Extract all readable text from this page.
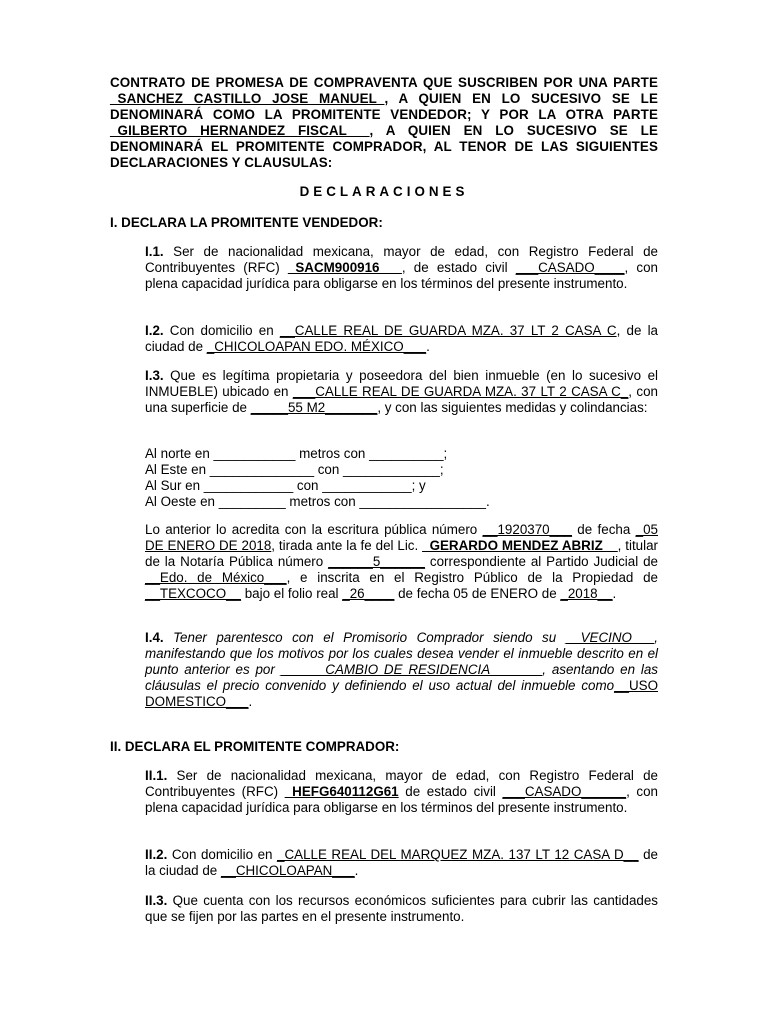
CONTRATO DE PROMESA DE COMPRAVENTA QUE SUSCRIBEN POR UNA PARTE _SANCHEZ CASTILLO JOSE MANUEL_, A QUIEN EN LO SUCESIVO SE LE DENOMINARÁ COMO LA PROMITENTE VENDEDOR; Y POR LA OTRA PARTE _GILBERTO HERNANDEZ FISCAL___, A QUIEN EN LO SUCESIVO SE LE DENOMINARÁ EL PROMITENTE COMPRADOR, AL TENOR DE LAS SIGUIENTES DECLARACIONES Y CLAUSULAS:

DECLARACIONES

I. DECLARA LA PROMITENTE VENDEDOR:

I.1. Ser de nacionalidad mexicana, mayor de edad, con Registro Federal de Contribuyentes (RFC) _SACM900916___, de estado civil ___CASADO____, con plena capacidad jurídica para obligarse en los términos del presente instrumento.

I.2. Con domicilio en __CALLE REAL DE GUARDA MZA. 37 LT 2 CASA C, de la ciudad de _CHICOLOAPAN EDO. MÉXICO___.

I.3. Que es legítima propietaria y poseedora del bien inmueble (en lo sucesivo el INMUEBLE) ubicado en ___CALLE REAL DE GUARDA MZA. 37 LT 2 CASA C_, con una superficie de _____55 M2_______, y con las siguientes medidas y colindancias:

Al norte en ___________ metros con __________;

Al Este en ______________ con _____________;

Al Sur en ____________ con ____________; y

Al Oeste en _________ metros con _________________.

Lo anterior lo acredita con la escritura pública número __1920370___ de fecha _05 DE ENERO DE 2018, tirada ante la fe del Lic. _GERARDO MENDEZ ABRIZ__, titular de la Notaría Pública número ______5______ correspondiente al Partido Judicial de __Edo. de México___, e inscrita en el Registro Público de la Propiedad de __TEXCOCO__ bajo el folio real _26____ de fecha 05 de ENERO de _2018__.

I.4. Tener parentesco con el Promisorio Comprador siendo su __VECINO___, manifestando que los motivos por los cuales desea vender el inmueble descrito en el punto anterior es por ______CAMBIO DE RESIDENCIA_______, asentando en las cláusulas el precio convenido y definiendo el uso actual del inmueble como__USO DOMESTICO___.

II. DECLARA EL PROMITENTE COMPRADOR:

II.1. Ser de nacionalidad mexicana, mayor de edad, con Registro Federal de Contribuyentes (RFC) _HEFG640112G61 de estado civil ___CASADO______, con plena capacidad jurídica para obligarse en los términos del presente instrumento.

II.2. Con domicilio en _CALLE REAL DEL MARQUEZ MZA. 137 LT 12 CASA D__ de la ciudad de __CHICOLOAPAN___.

II.3. Que cuenta con los recursos económicos suficientes para cubrir las cantidades que se fijen por las partes en el presente instrumento.
